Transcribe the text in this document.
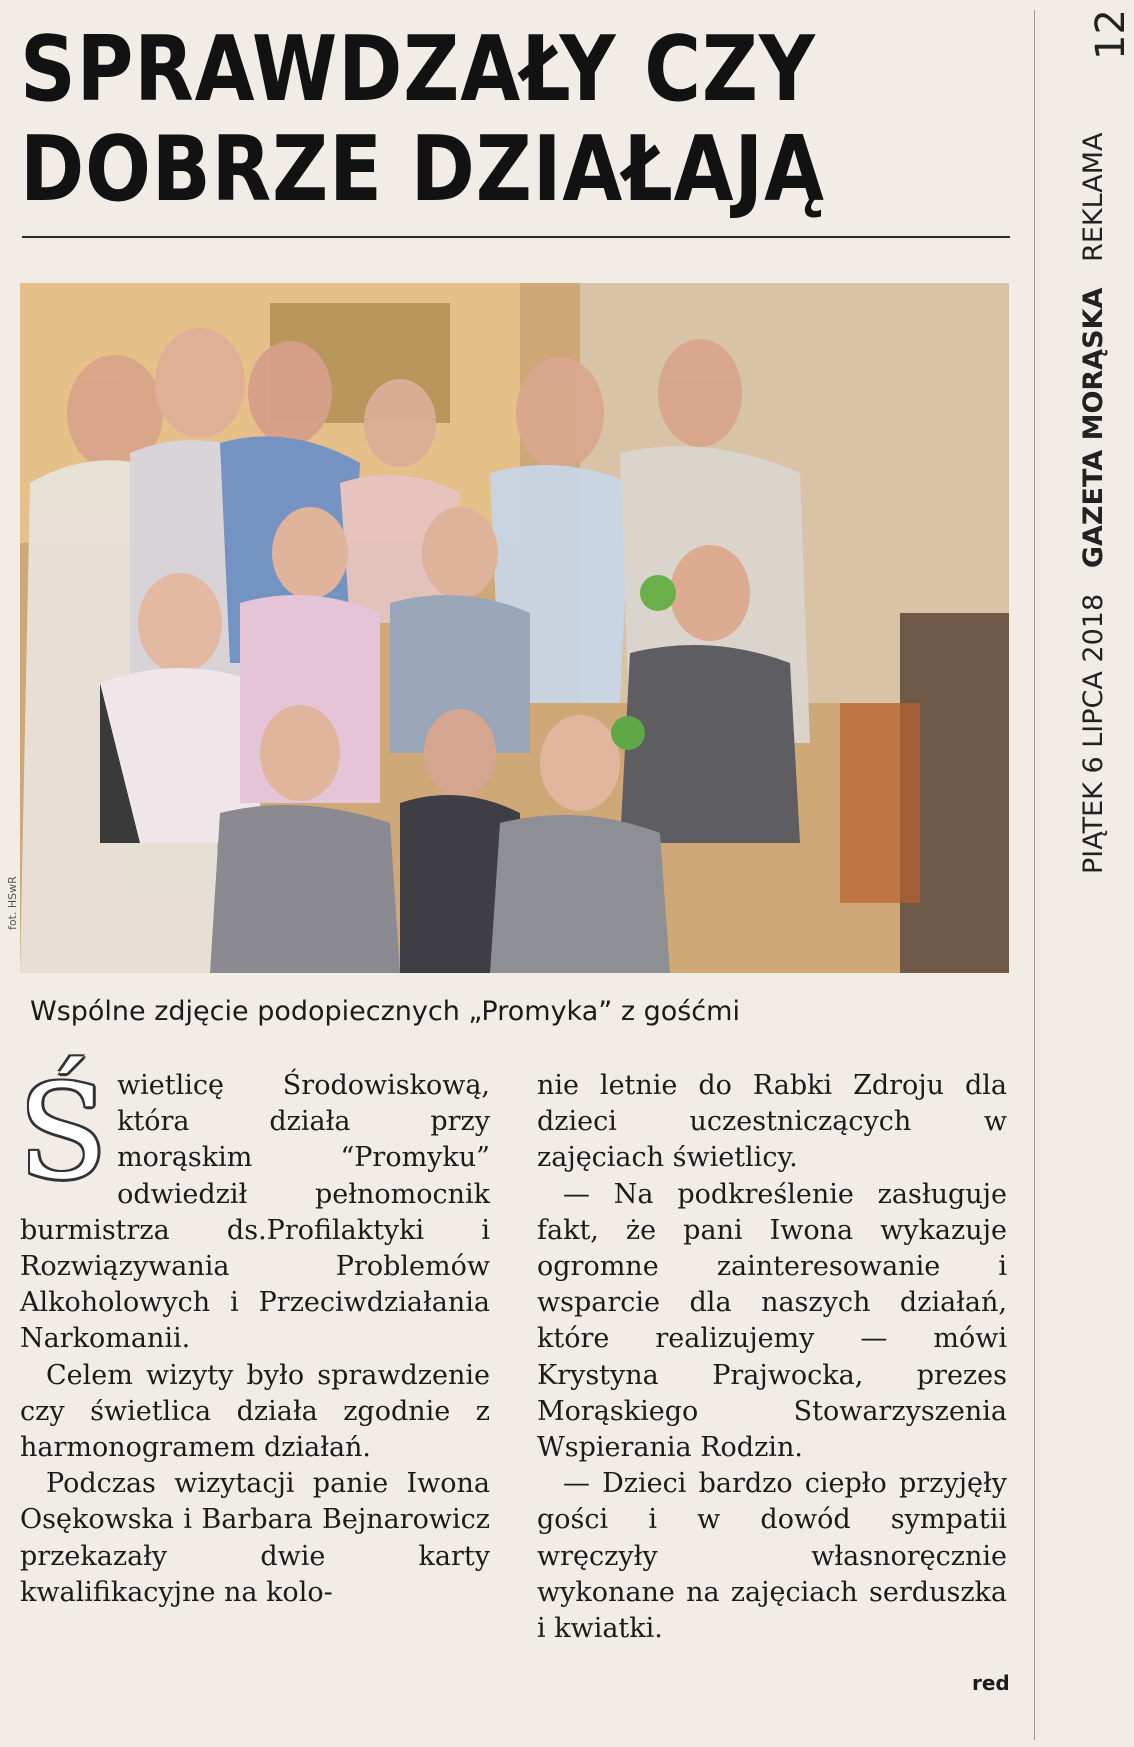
SPRAWDZAŁY CZY
DOBRZE DZIAŁAJĄ
fot. HSwR
Wspólne zdjęcie podopiecznych „Promyka” z gośćmi

Świetlicę Środowiskową, która działa przy morąskim “Promyku” odwiedził pełnomocnik burmistrza ds.Profilaktyki i Rozwiązywania Problemów Alkoholowych i Przeciwdziałania Narkomanii.

Celem wizyty było sprawdzenie czy świetlica działa zgodnie z harmonogramem działań.

Podczas wizytacji panie Iwona Osękowska i Barbara Bejnarowicz przekazały dwie karty kwalifikacyjne na kolo-

nie letnie do Rabki Zdroju dla dzieci uczestniczących w zajęciach świetlicy.

— Na podkreślenie zasługuje fakt, że pani Iwona wykazuje ogromne zainteresowanie i wsparcie dla naszych działań, które realizujemy — mówi Krystyna Prajwocka, prezes Morąskiego Stowarzyszenia Wspierania Rodzin.

— Dzieci bardzo ciepło przyjęły gości i w dowód sympatii wręczyły własnoręcznie wykonane na zajęciach serduszka i kwiatki.

red
12
PIĄTEK 6 LIPCA 2018   GAZETA MORĄSKA   REKLAMA
